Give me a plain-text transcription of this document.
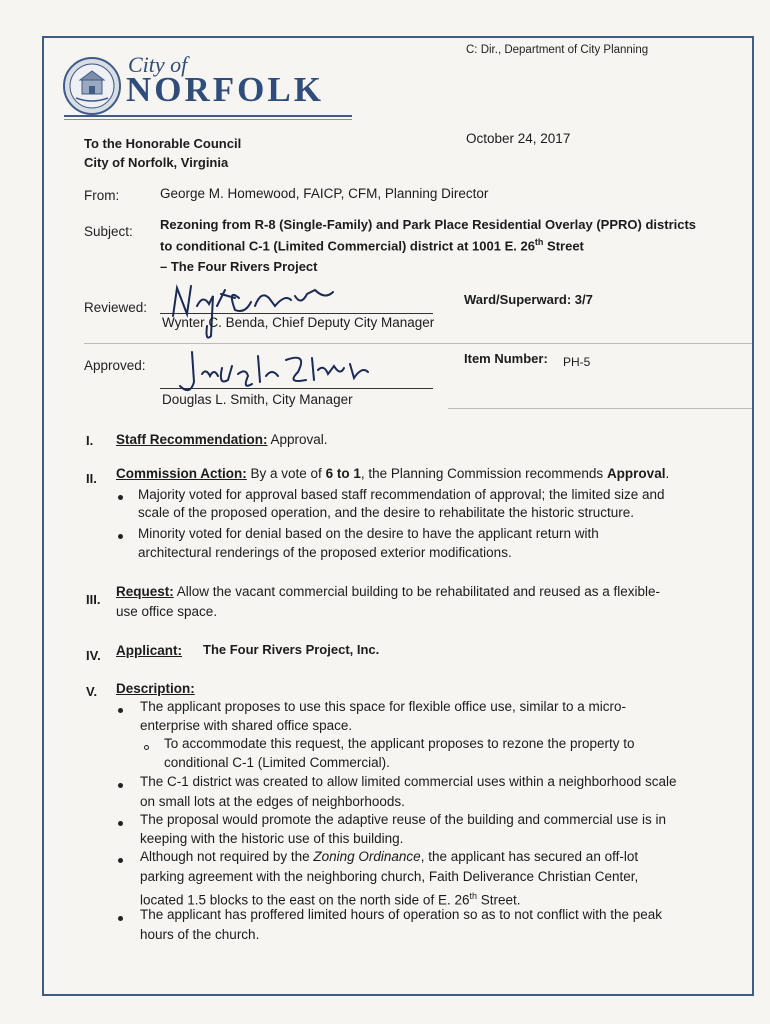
C: Dir., Department of City Planning
City of
NORFOLK
To the Honorable Council
City of Norfolk, Virginia
October 24, 2017
From:	George M. Homewood, FAICP, CFM, Planning Director
Subject: Rezoning from R-8 (Single-Family) and Park Place Residential Overlay (PPRO) districts
to conditional C-1 (Limited Commercial) district at 1001 E. 26th Street
– The Four Rivers Project
Reviewed:
Wynter C. Benda, Chief Deputy City Manager
Ward/Superward: 3/7
Approved:
Douglas L. Smith, City Manager
Item Number: PH-5
I. Staff Recommendation: Approval.
II. Commission Action: By a vote of 6 to 1, the Planning Commission recommends Approval.
Majority voted for approval based staff recommendation of approval; the limited size and
scale of the proposed operation, and the desire to rehabilitate the historic structure.
Minority voted for denial based on the desire to have the applicant return with
architectural renderings of the proposed exterior modifications.
III.
Request: Allow the vacant commercial building to be rehabilitated and reused as a flexible-
use office space.
IV. Applicant: The Four Rivers Project, Inc.
V. Description:
The applicant proposes to use this space for flexible office use, similar to a micro-
enterprise with shared office space.
To accommodate this request, the applicant proposes to rezone the property to
conditional C-1 (Limited Commercial).
The C-1 district was created to allow limited commercial uses within a neighborhood scale
on small lots at the edges of neighborhoods.
The proposal would promote the adaptive reuse of the building and commercial use is in
keeping with the historic use of this building.
Although not required by the Zoning Ordinance, the applicant has secured an off-lot
parking agreement with the neighboring church, Faith Deliverance Christian Center,
located 1.5 blocks to the east on the north side of E. 26th Street.
The applicant has proffered limited hours of operation so as to not conflict with the peak
hours of the church.
